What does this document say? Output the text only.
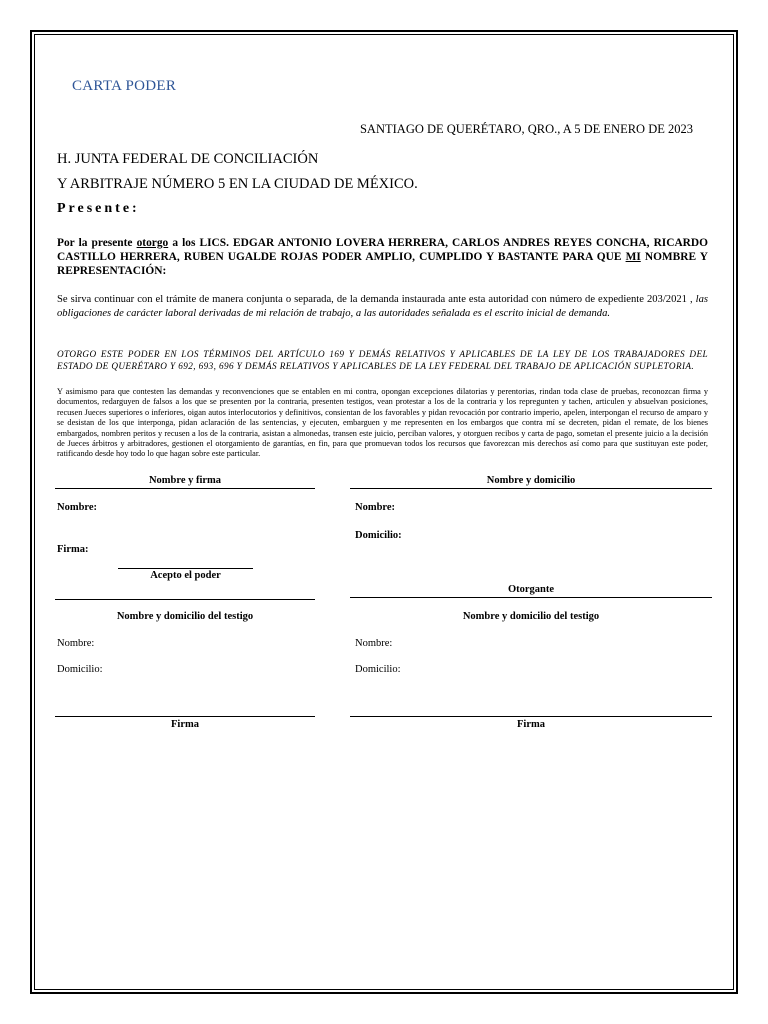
CARTA PODER
SANTIAGO DE QUERÉTARO, QRO., A 5 DE ENERO DE 2023
H. JUNTA FEDERAL DE CONCILIACIÓN
Y ARBITRAJE NÚMERO 5 EN LA CIUDAD DE MÉXICO.
Presente:
Por la presente otorgo a los LICS. EDGAR ANTONIO LOVERA HERRERA, CARLOS ANDRES REYES CONCHA, RICARDO CASTILLO HERRERA, RUBEN UGALDE ROJAS PODER AMPLIO, CUMPLIDO Y BASTANTE PARA QUE MI NOMBRE Y REPRESENTACIÓN:
Se sirva continuar con el trámite de manera conjunta o separada, de la demanda instaurada ante esta autoridad con número de expediente 203/2021 , las obligaciones de carácter laboral derivadas de mi relación de trabajo, a las autoridades señalada es el escrito inicial de demanda.
OTORGO ESTE PODER EN LOS TÉRMINOS DEL ARTÍCULO 169 Y DEMÁS RELATIVOS Y APLICABLES DE LA LEY DE LOS TRABAJADORES DEL ESTADO DE QUERÉTARO Y 692, 693, 696 Y DEMÁS RELATIVOS Y APLICABLES DE LA LEY FEDERAL DEL TRABAJO DE APLICACIÓN SUPLETORIA.
Y asimismo para que contesten las demandas y reconvenciones que se entablen en mi contra, opongan excepciones dilatorias y perentorias, rindan toda clase de pruebas, reconozcan firma y documentos, redarguyen de falsos a los que se presenten por la contraria, presenten testigos, vean protestar a los de la contraria y los repregunten y tachen, articulen y absuelvan posiciones, recusen Jueces superiores o inferiores, oigan autos interlocutorios y definitivos, consientan de los favorables y pidan revocación por contrario imperio, apelen, interpongan el recurso de amparo y se desistan de los que interponga, pidan aclaración de las sentencias, y ejecuten, embarguen y me representen en los embargos que contra mí se decreten, pidan el remate, de los bienes embargados, nombren peritos y recusen a los de la contraria, asistan a almonedas, transen este juicio, perciban valores, y otorguen recibos y carta de pago, sometan el presente juicio a la decisión de Jueces árbitros y arbitradores, gestionen el otorgamiento de garantías, en fin, para que promuevan todos los recursos que favorezcan mis derechos así como para que sustituyan este poder, ratificando desde hoy todo lo que hagan sobre este particular.
Nombre y firma
Nombre:
Firma:
Acepto el poder
Nombre y domicilio
Nombre:
Domicilio:
Otorgante
Nombre y domicilio del testigo
Nombre:
Domicilio:
Firma
Nombre y domicilio del testigo
Nombre:
Domicilio:
Firma
